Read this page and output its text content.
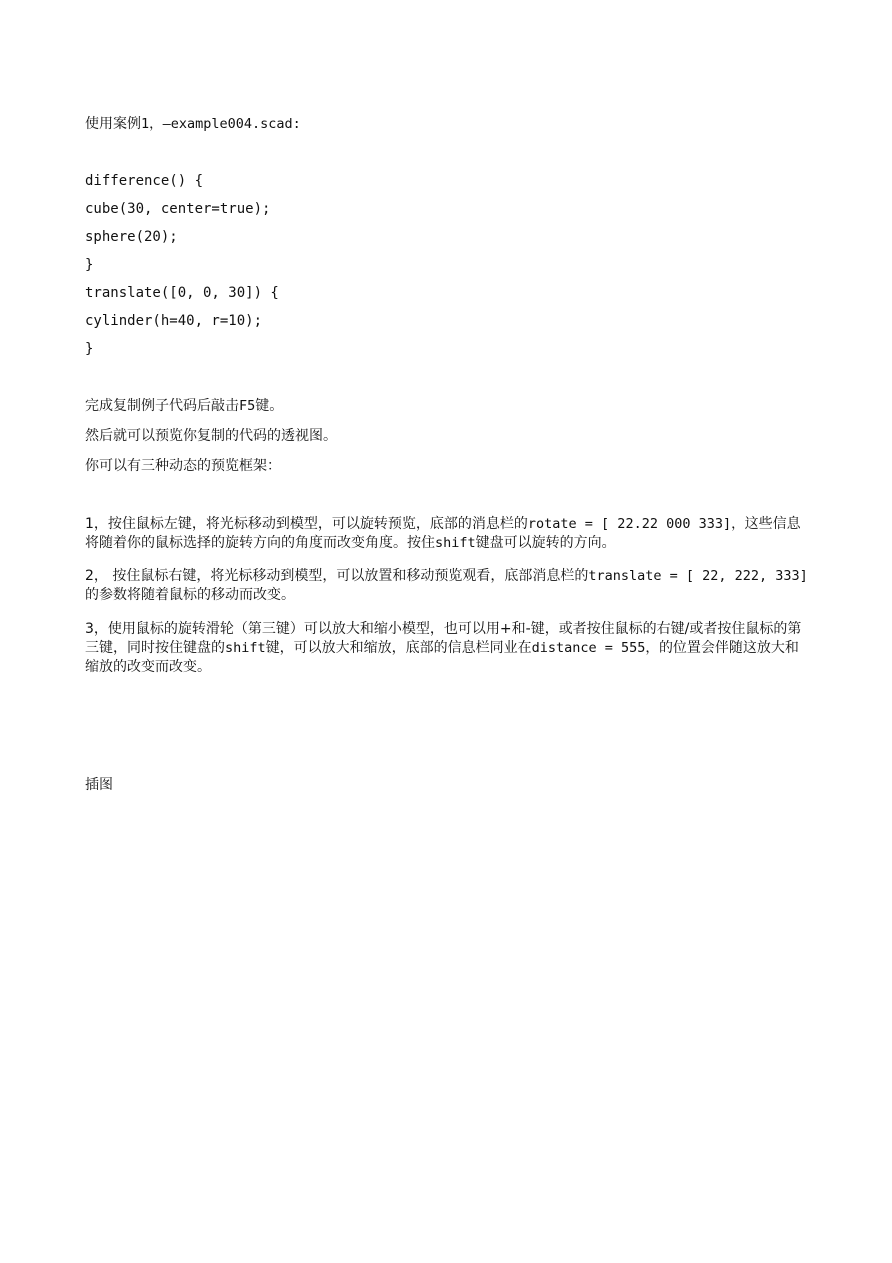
使用案例1，—example004.scad:
difference() {
cube(30, center=true);
sphere(20);
}
translate([0, 0, 30]) {
cylinder(h=40, r=10);
}
完成复制例子代码后敲击F5键。
然后就可以预览你复制的代码的透视图。
你可以有三种动态的预览框架：
1，按住鼠标左键，将光标移动到模型，可以旋转预览，底部的消息栏的rotate = [ 22.22 000 333]，这些信息将随着你的鼠标选择的旋转方向的角度而改变角度。按住shift键盘可以旋转的方向。
2， 按住鼠标右键，将光标移动到模型，可以放置和移动预览观看，底部消息栏的translate = [ 22, 222, 333]的参数将随着鼠标的移动而改变。
3，使用鼠标的旋转滑轮（第三键）可以放大和缩小模型，也可以用+和-键，或者按住鼠标的右键/或者按住鼠标的第三键，同时按住键盘的shift键，可以放大和缩放，底部的信息栏同业在distance = 555，的位置会伴随这放大和缩放的改变而改变。
插图
